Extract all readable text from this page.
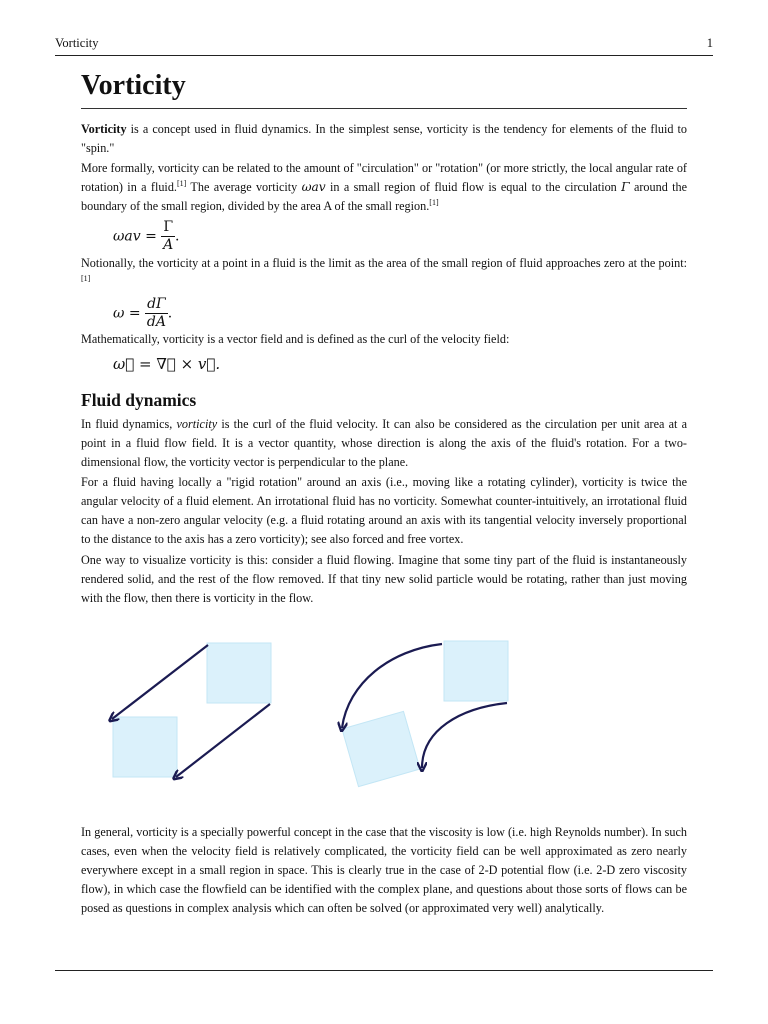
Vorticity	1
Vorticity
Vorticity is a concept used in fluid dynamics. In the simplest sense, vorticity is the tendency for elements of the fluid to "spin."
More formally, vorticity can be related to the amount of "circulation" or "rotation" (or more strictly, the local angular rate of rotation) in a fluid.[1] The average vorticity ωav in a small region of fluid flow is equal to the circulation Γ around the boundary of the small region, divided by the area A of the small region.[1]
$\omega av = \frac{\Gamma}{A}$ .
Notionally, the vorticity at a point in a fluid is the limit as the area of the small region of fluid approaches zero at the point:[1]
$\omega = \frac{d\Gamma}{dA}$ .
Mathematically, vorticity is a vector field and is defined as the curl of the velocity field:
ω⃗ = ∇⃗ × v⃗.
Fluid dynamics
In fluid dynamics, vorticity is the curl of the fluid velocity. It can also be considered as the circulation per unit area at a point in a fluid flow field. It is a vector quantity, whose direction is along the axis of the fluid's rotation. For a two-dimensional flow, the vorticity vector is perpendicular to the plane.
For a fluid having locally a "rigid rotation" around an axis (i.e., moving like a rotating cylinder), vorticity is twice the angular velocity of a fluid element. An irrotational fluid has no vorticity. Somewhat counter-intuitively, an irrotational fluid can have a non-zero angular velocity (e.g. a fluid rotating around an axis with its tangential velocity inversely proportional to the distance to the axis has a zero vorticity); see also forced and free vortex.
One way to visualize vorticity is this: consider a fluid flowing. Imagine that some tiny part of the fluid is instantaneously rendered solid, and the rest of the flow removed. If that tiny new solid particle would be rotating, rather than just moving with the flow, then there is vorticity in the flow.
In general, vorticity is a specially powerful concept in the case that the viscosity is low (i.e. high Reynolds number). In such cases, even when the velocity field is relatively complicated, the vorticity field can be well approximated as zero nearly everywhere except in a small region in space. This is clearly true in the case of 2-D potential flow (i.e. 2-D zero viscosity flow), in which case the flowfield can be identified with the complex plane, and questions about those sorts of flows can be posed as questions in complex analysis which can often be solved (or approximated very well) analytically.
